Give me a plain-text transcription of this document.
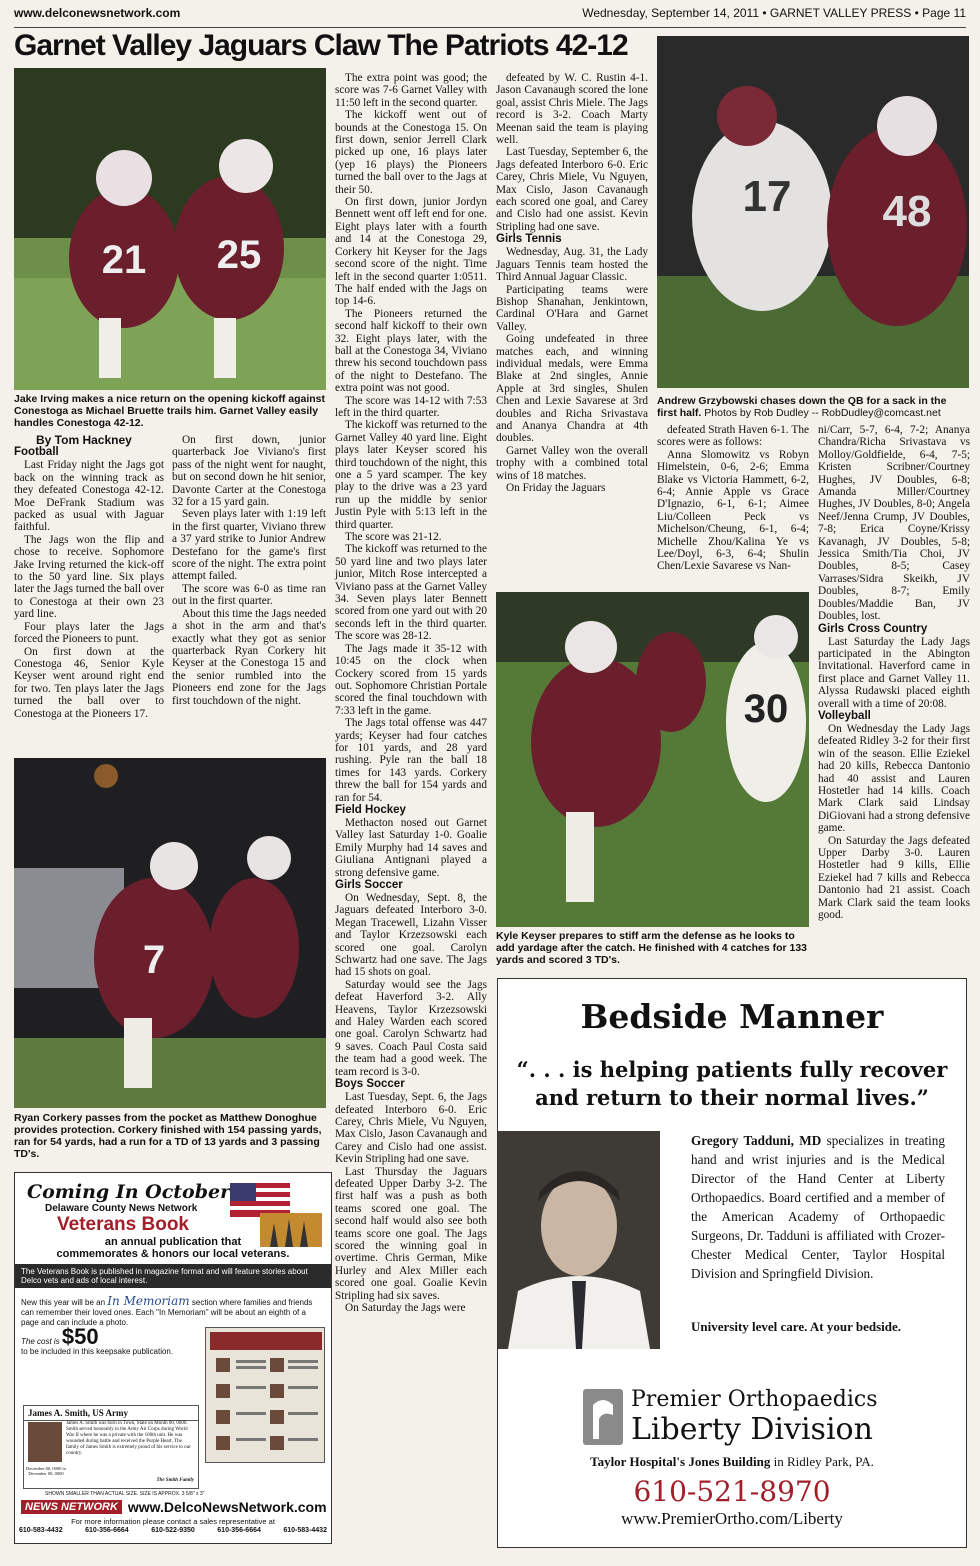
www.delconewsnetwork.com	Wednesday, September 14, 2011 • GARNET VALLEY PRESS • Page 11
Garnet Valley Jaguars Claw The Patriots 42-12
21 25
Jake Irving makes a nice return on the opening kickoff against Conestoga as Michael Bruette trails him. Garnet Valley easily handles Conestoga 42-12.
17 48
Andrew Grzybowski chases down the QB for a sack in the first half. Photos by Rob Dudley -- RobDudley@comcast.net
By Tom Hackney
Football

Last Friday night the Jags got back on the winning track as they defeated Conestoga 42-12. Moe DeFrank Stadium was packed as usual with Jaguar faithful.

The Jags won the flip and chose to receive. Sophomore Jake Irving returned the kick-off to the 50 yard line. Six plays later the Jags turned the ball over to Conestoga at their own 23 yard line.

Four plays later the Jags forced the Pioneers to punt.

On first down at the Conestoga 46, Senior Kyle Keyser went around right end for two. Ten plays later the Jags turned the ball over to Conestoga at the Pioneers 17.

On first down, junior quarterback Joe Viviano's first pass of the night went for naught, but on second down he hit senior, Davonte Carter at the Conestoga 32 for a 15 yard gain.

Seven plays later with 1:19 left in the first quarter, Viviano threw a 37 yard strike to Junior Andrew Destefano for the game's first score of the night. The extra point attempt failed.

The score was 6-0 as time ran out in the first quarter.

About this time the Jags needed a shot in the arm and that's exactly what they got as senior quarterback Ryan Corkery hit Keyser at the Conestoga 15 and the senior rumbled into the Pioneers end zone for the Jags first touchdown of the night.

7
Ryan Corkery passes from the pocket as Matthew Donoghue provides protection. Corkery finished with 154 passing yards, ran for 54 yards, had a run for a TD of 13 yards and 3 passing TD's.

The extra point was good; the score was 7-6 Garnet Valley with 11:50 left in the second quarter.

The kickoff went out of bounds at the Conestoga 15. On first down, senior Jerrell Clark picked up one, 16 plays later (yep 16 plays) the Pioneers turned the ball over to the Jags at their 50.

On first down, junior Jordyn Bennett went off left end for one. Eight plays later with a fourth and 14 at the Conestoga 29, Corkery hit Keyser for the Jags second score of the night. Time left in the second quarter 1:0511. The half ended with the Jags on top 14-6.

The Pioneers returned the second half kickoff to their own 32. Eight plays later, with the ball at the Conestoga 34, Viviano threw his second touchdown pass of the night to Destefano. The extra point was not good.

The score was 14-12 with 7:53 left in the third quarter.

The kickoff was returned to the Garnet Valley 40 yard line. Eight plays later Keyser scored his third touchdown of the night, this one a 5 yard scamper. The key play to the drive was a 23 yard run up the middle by senior Justin Pyle with 5:13 left in the third quarter.

The score was 21-12.

The kickoff was returned to the 50 yard line and two plays later junior, Mitch Rose intercepted a Viviano pass at the Garnet Valley 34. Seven plays later Bennett scored from one yard out with 20 seconds left in the third quarter. The score was 28-12.

The Jags made it 35-12 with 10:45 on the clock when Cockery scored from 15 yards out. Sophomore Christian Portale scored the final touchdown with 7:33 left in the game.

The Jags total offense was 447 yards; Keyser had four catches for 101 yards, and 28 yard rushing. Pyle ran the ball 18 times for 143 yards. Corkery threw the ball for 154 yards and ran for 54.

Field Hockey

Methacton nosed out Garnet Valley last Saturday 1-0. Goalie Emily Murphy had 14 saves and Giuliana Antignani played a strong defensive game.

Girls Soccer

On Wednesday, Sept. 8, the Jaguars defeated Interboro 3-0. Megan Tracewell, Lizahn Visser and Taylor Krzezsowski each scored one goal. Carolyn Schwartz had one save. The Jags had 15 shots on goal.

Saturday would see the Jags defeat Haverford 3-2. Ally Heavens, Taylor Krzezsowski and Haley Warden each scored one goal. Carolyn Schwartz had 9 saves. Coach Paul Costa said the team had a good week. The team record is 3-0.

Boys Soccer

Last Tuesday, Sept. 6, the Jags defeated Interboro 6-0. Eric Carey, Chris Miele, Vu Nguyen, Max Cislo, Jason Cavanaugh and Carey and Cislo had one assist. Kevin Stripling had one save.

Last Thursday the Jaguars defeated Upper Darby 3-2. The first half was a push as both teams scored one goal. The second half would also see both teams score one goal. The Jags scored the winning goal in overtime. Chris German, Mike Hurley and Alex Miller each scored one goal. Goalie Kevin Stripling had six saves.

On Saturday the Jags were

defeated by W. C. Rustin 4-1. Jason Cavanaugh scored the lone goal, assist Chris Miele. The Jags record is 3-2. Coach Marty Meenan said the team is playing well.

Last Tuesday, September 6, the Jags defeated Interboro 6-0. Eric Carey, Chris Miele, Vu Nguyen, Max Cislo, Jason Cavanaugh each scored one goal, and Carey and Cislo had one assist. Kevin Stripling had one save.

Girls Tennis

Wednesday, Aug. 31, the Lady Jaguars Tennis team hosted the Third Annual Jaguar Classic.

Participating teams were Bishop Shanahan, Jenkintown, Cardinal O'Hara and Garnet Valley.

Going undefeated in three matches each, and winning individual medals, were Emma Blake at 2nd singles, Annie Apple at 3rd singles, Shulen Chen and Lexie Savarese at 3rd doubles and Richa Srivastava and Ananya Chandra at 4th doubles.

Garnet Valley won the overall trophy with a combined total wins of 18 matches.

On Friday the Jaguars

defeated Strath Haven 6-1. The scores were as follows:

Anna Slomowitz vs Robyn Himelstein, 0-6, 2-6; Emma Blake vs Victoria Hammett, 6-2, 6-4; Annie Apple vs Grace D'Ignazio, 6-1, 6-1; Aimee Liu/Colleen Peck vs Michelson/Cheung, 6-1, 6-4; Michelle Zhou/Kalina Ye vs Lee/Doyl, 6-3, 6-4; Shulin Chen/Lexie Savarese vs Nan-

ni/Carr, 5-7, 6-4, 7-2; Ananya Chandra/Richa Srivastava vs Molloy/Goldfielde, 6-4, 7-5; Kristen Scribner/Courtney Hughes, JV Doubles, 6-8; Amanda Miller/Courtney Hughes, JV Doubles, 8-0; Angela Neef/Jenna Crump, JV Doubles, 7-8; Erica Coyne/Krissy Kavanagh, JV Doubles, 5-8; Jessica Smith/Tia Choi, JV Doubles, 8-5; Casey Varrases/Sidra Skeikh, JV Doubles, 8-7; Emily Doubles/Maddie Ban, JV Doubles, lost.

Girls Cross Country

Last Saturday the Lady Jags participated in the Abington Invitational. Haverford came in first place and Garnet Valley 11. Alyssa Rudawski placed eighth overall with a time of 20:08.

Volleyball

On Wednesday the Lady Jags defeated Ridley 3-2 for their first win of the season. Ellie Eziekel had 20 kills, Rebecca Dantonio had 40 assist and Lauren Hostetler had 14 kills. Coach Mark Clark said Lindsay DiGiovani had a strong defensive game.

On Saturday the Jags defeated Upper Darby 3-0. Lauren Hostetler had 9 kills, Ellie Eziekel had 7 kills and Rebecca Dantonio had 21 assist. Coach Mark Clark said the team looks good.

30
Kyle Keyser prepares to stiff arm the defense as he looks to add yardage after the catch. He finished with 4 catches for 133 yards and scored 3 TD's.
Coming In October
Delaware County News Network
Veterans Book
an annual publication that
commemorates & honors our local veterans.
The Veterans Book is published in magazine format and will feature stories about Delco vets and ads of local interest.
New this year will be an In Memoriam section where families and friends can remember their loved ones. Each "In Memoriam" will be about an eighth of a page and can include a photo.
The cost is $50
to be included in this keepsake publication.
James A. Smith, US Army
James A. Smith was born in Town, State on Month 00, 0000. Smith served honorably in the Army Air Corps during World War II where he was a private with the 100th unit. He was wounded during battle and received the Purple Heart. The family of James Smith is extremely proud of his service to our country.
December 00, 0000 to December 00, 0000
The Smith Family
SHOWN SMALLER THAN ACTUAL SIZE. SIZE IS APPROX. 3 5/8" x 3"
NEWS NETWORK www.DelcoNewsNetwork.com
For more information please contact a sales representative at
610-583-4432	610-356-6664	610-522-9350	610-356-6664	610-583-4432
Bedside Manner
“. . . is helping patients fully recover and return to their normal lives.”
Gregory Tadduni, MD specializes in treating hand and wrist injuries and is the Medical Director of the Hand Center at Liberty Orthopaedics. Board certified and a member of the American Academy of Orthopaedic Surgeons, Dr. Tadduni is affiliated with Crozer-Chester Medical Center, Taylor Hospital Division and Springfield Division.
University level care. At your bedside.
Premier Orthopaedics
Liberty Division
Taylor Hospital's Jones Building in Ridley Park, PA.
610-521-8970
www.PremierOrtho.com/Liberty
